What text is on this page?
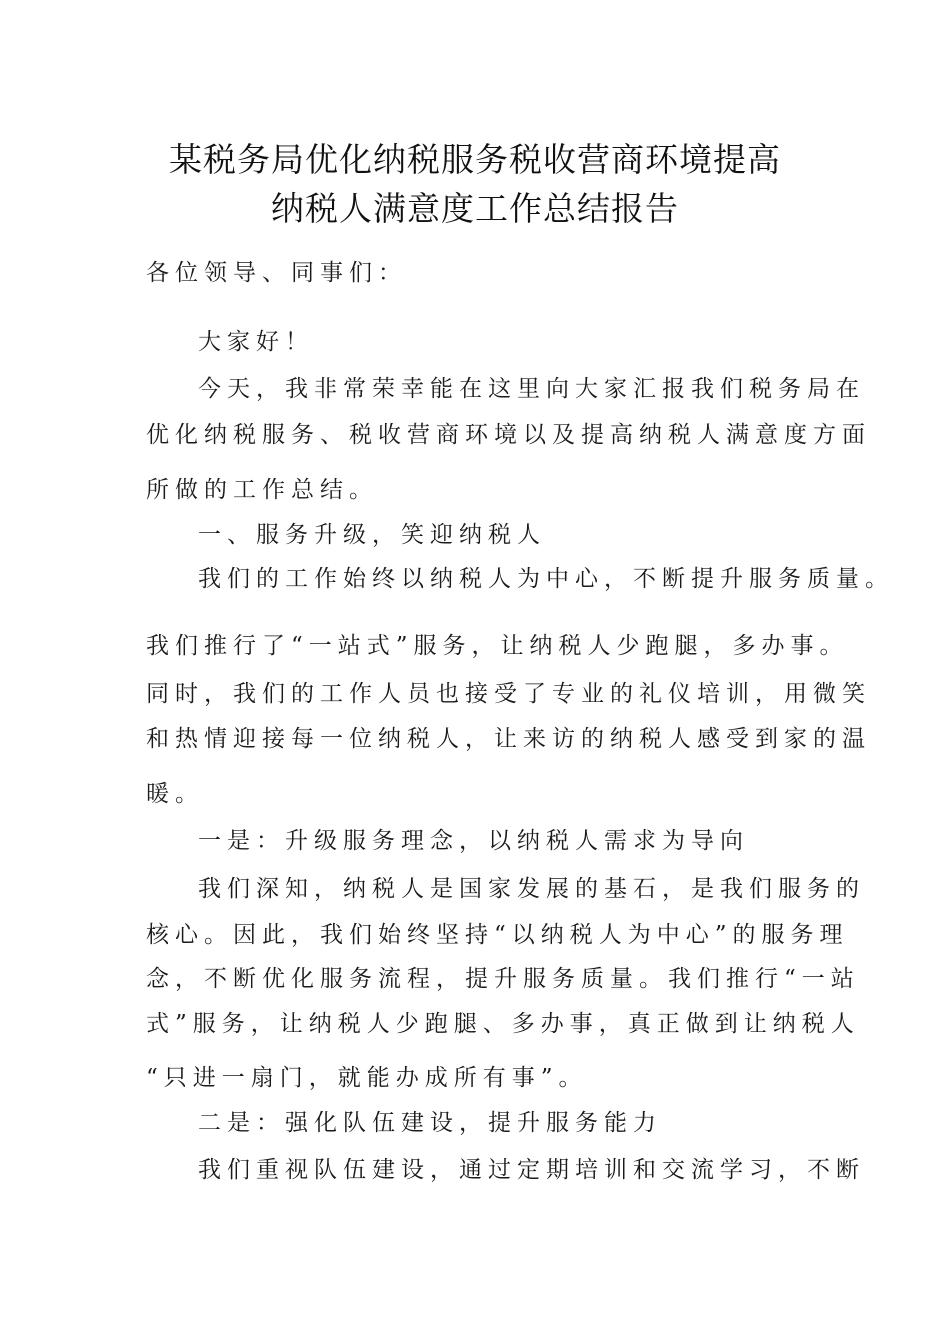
某税务局优化纳税服务税收营商环境提高
纳税人满意度工作总结报告
各位领导、同事们：
大家好！
今天，我非常荣幸能在这里向大家汇报我们税务局在
优化纳税服务、税收营商环境以及提高纳税人满意度方面
所做的工作总结。
一、服务升级，笑迎纳税人
我们的工作始终以纳税人为中心，不断提升服务质量。
我们推行了“一站式”服务，让纳税人少跑腿，多办事。
同时，我们的工作人员也接受了专业的礼仪培训，用微笑
和热情迎接每一位纳税人，让来访的纳税人感受到家的温
暖。
一是：升级服务理念，以纳税人需求为导向
我们深知，纳税人是国家发展的基石，是我们服务的
核心。因此，我们始终坚持“以纳税人为中心”的服务理
念，不断优化服务流程，提升服务质量。我们推行“一站
式”服务，让纳税人少跑腿、多办事，真正做到让纳税人
“只进一扇门，就能办成所有事”。
二是：强化队伍建设，提升服务能力
我们重视队伍建设，通过定期培训和交流学习，不断
